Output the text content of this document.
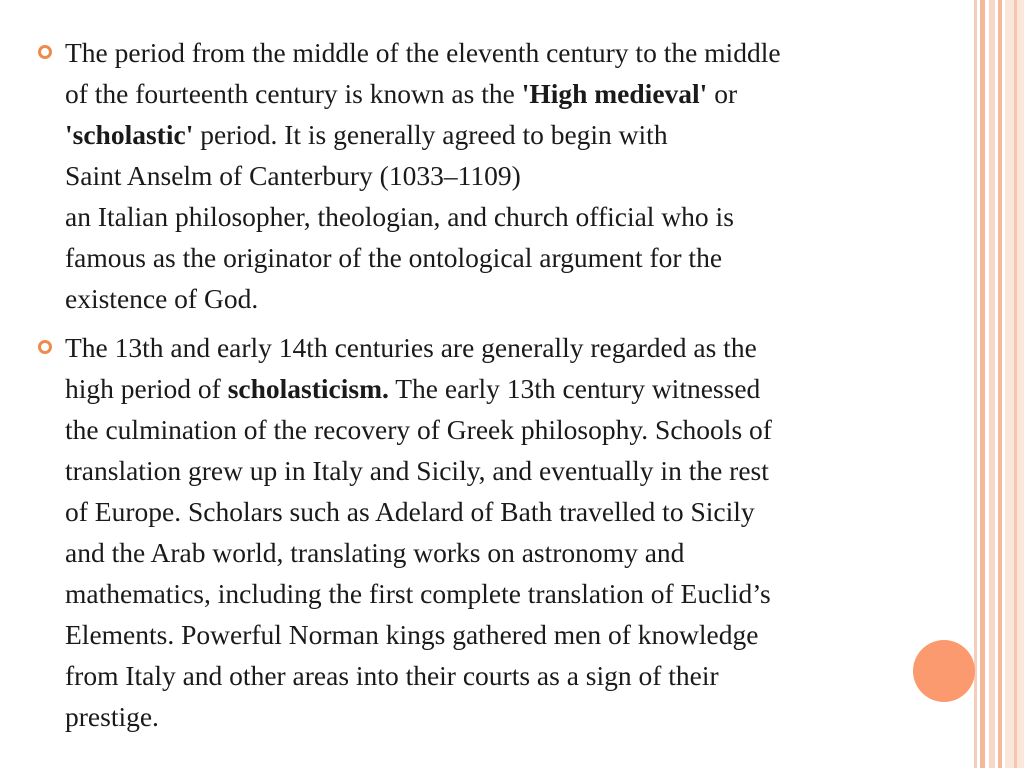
The period from the middle of the eleventh century to the middle
of the fourteenth century is known as the 'High medieval' or
'scholastic' period. It is generally agreed to begin with
Saint Anselm of Canterbury (1033–1109)
an Italian philosopher, theologian, and church official who is
famous as the originator of the ontological argument for the
existence of God.
The 13th and early 14th centuries are generally regarded as the
high period of scholasticism. The early 13th century witnessed
the culmination of the recovery of Greek philosophy. Schools of
translation grew up in Italy and Sicily, and eventually in the rest
of Europe. Scholars such as Adelard of Bath travelled to Sicily
and the Arab world, translating works on astronomy and
mathematics, including the first complete translation of Euclid’s
Elements. Powerful Norman kings gathered men of knowledge
from Italy and other areas into their courts as a sign of their
prestige.
